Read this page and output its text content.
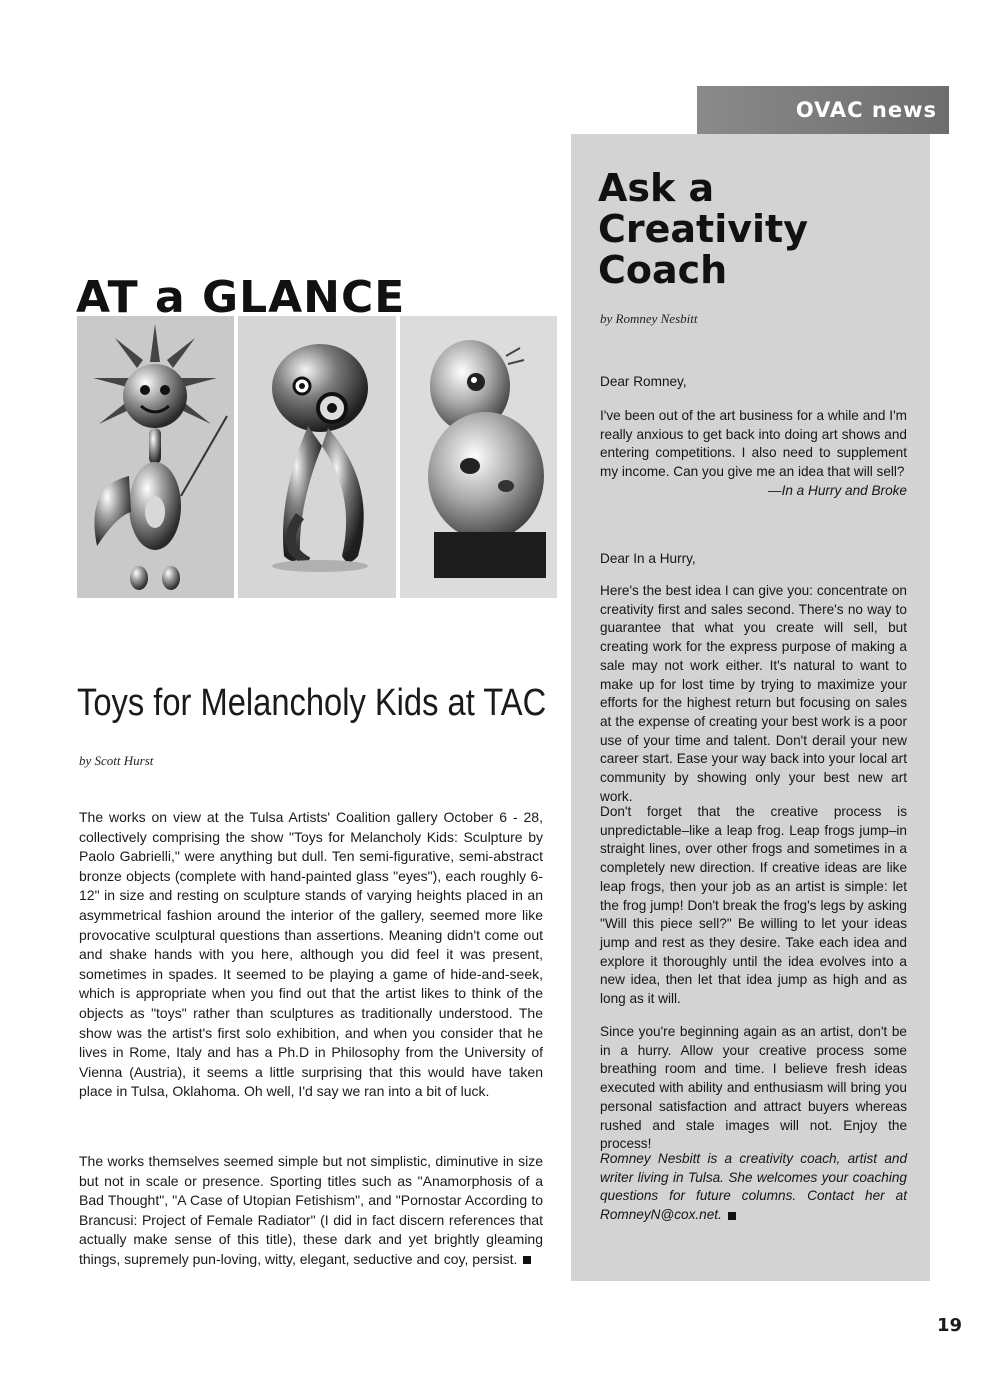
OVAC news
Ask a
Creativity
Coach
by Romney Nesbitt

Dear Romney,

I've been out of the art business for a while and I'm really anxious to get back into doing art shows and entering competitions. I also need to supplement my income. Can you give me an idea that will sell?

—In a Hurry and Broke

Dear In a Hurry,

Here's the best idea I can give you: concentrate on creativity first and sales second. There's no way to guarantee that what you create will sell, but creating work for the express purpose of making a sale may not work either. It's natural to want to make up for lost time by trying to maximize your efforts for the highest return but focusing on sales at the expense of creating your best work is a poor use of your time and talent. Don't derail your new career start. Ease your way back into your local art community by showing only your best new art work.

Don't forget that the creative process is unpredictable–like a leap frog. Leap frogs jump–in straight lines, over other frogs and sometimes in a completely new direction. If creative ideas are like leap frogs, then your job as an artist is simple: let the frog jump! Don't break the frog's legs by asking "Will this piece sell?" Be willing to let your ideas jump and rest as they desire. Take each idea and explore it thoroughly until the idea evolves into a new idea, then let that idea jump as high and as long as it will.

Since you're beginning again as an artist, don't be in a hurry. Allow your creative process some breathing room and time. I believe fresh ideas executed with ability and enthusiasm will bring you personal satisfaction and attract buyers whereas rushed and stale images will not. Enjoy the process!

Romney Nesbitt is a creativity coach, artist and writer living in Tulsa. She welcomes your coaching questions for future columns. Contact her at RomneyN@cox.net.

AT a GLANCE
Toys for Melancholy Kids at TAC
by Scott Hurst

The works on view at the Tulsa Artists' Coalition gallery October 6 - 28, collectively comprising the show "Toys for Melancholy Kids: Sculpture by Paolo Gabrielli," were anything but dull. Ten semi-figurative, semi-abstract bronze objects (complete with hand-painted glass "eyes"), each roughly 6-12" in size and resting on sculpture stands of varying heights placed in an asymmetrical fashion around the interior of the gallery, seemed more like provocative sculptural questions than assertions. Meaning didn't come out and shake hands with you here, although you did feel it was present, sometimes in spades. It seemed to be playing a game of hide-and-seek, which is appropriate when you find out that the artist likes to think of the objects as "toys" rather than sculptures as traditionally understood. The show was the artist's first solo exhibition, and when you consider that he lives in Rome, Italy and has a Ph.D in Philosophy from the University of Vienna (Austria), it seems a little surprising that this would have taken place in Tulsa, Oklahoma. Oh well, I'd say we ran into a bit of luck.

The works themselves seemed simple but not simplistic, diminutive in size but not in scale or presence. Sporting titles such as "Anamorphosis of a Bad Thought", "A Case of Utopian Fetishism", and "Pornostar According to Brancusi: Project of Female Radiator" (I did in fact discern references that actually make sense of this title), these dark and yet brightly gleaming things, supremely pun-loving, witty, elegant, seductive and coy, persist.

19
